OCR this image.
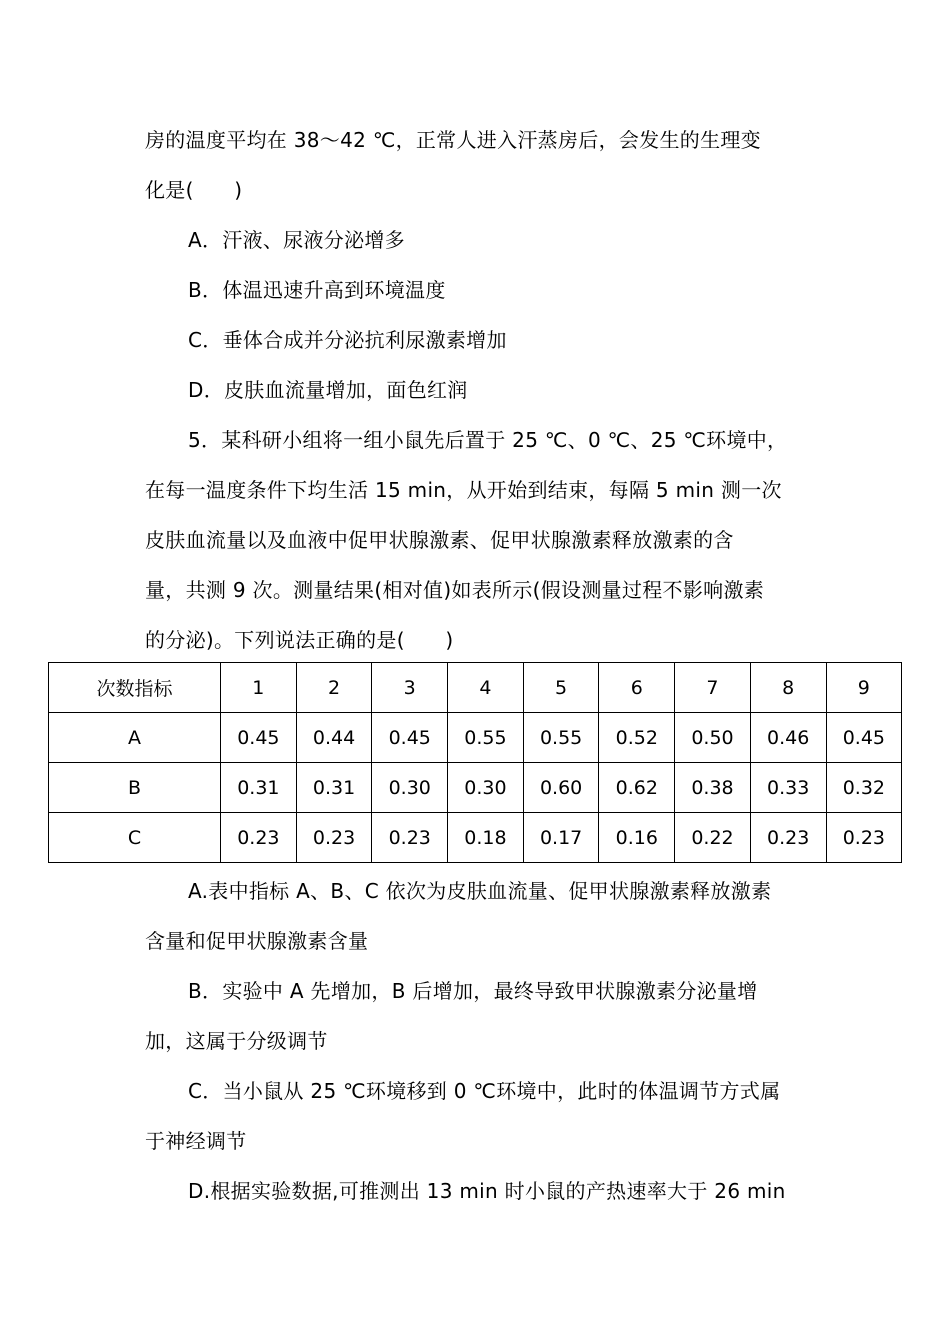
房的温度平均在 38～42 ℃，正常人进入汗蒸房后，会发生的生理变
化是(　　)
A．汗液、尿液分泌增多
B．体温迅速升高到环境温度
C．垂体合成并分泌抗利尿激素增加
D．皮肤血流量增加，面色红润
5．某科研小组将一组小鼠先后置于 25 ℃、0 ℃、25 ℃环境中，
在每一温度条件下均生活 15 min，从开始到结束，每隔 5 min 测一次
皮肤血流量以及血液中促甲状腺激素、促甲状腺激素释放激素的含
量，共测 9 次。测量结果(相对值)如表所示(假设测量过程不影响激素
的分泌)。下列说法正确的是(　　)
次数指标	1	2	3	4	5	6	7	8	9
A	0.45	0.44	0.45	0.55	0.55	0.52	0.50	0.46	0.45
B	0.31	0.31	0.30	0.30	0.60	0.62	0.38	0.33	0.32
C	0.23	0.23	0.23	0.18	0.17	0.16	0.22	0.23	0.23
A.表中指标 A、B、C 依次为皮肤血流量、促甲状腺激素释放激素
含量和促甲状腺激素含量
B．实验中 A 先增加，B 后增加，最终导致甲状腺激素分泌量增
加，这属于分级调节
C．当小鼠从 25 ℃环境移到 0 ℃环境中，此时的体温调节方式属
于神经调节
D.根据实验数据,可推测出 13 min 时小鼠的产热速率大于 26 min
